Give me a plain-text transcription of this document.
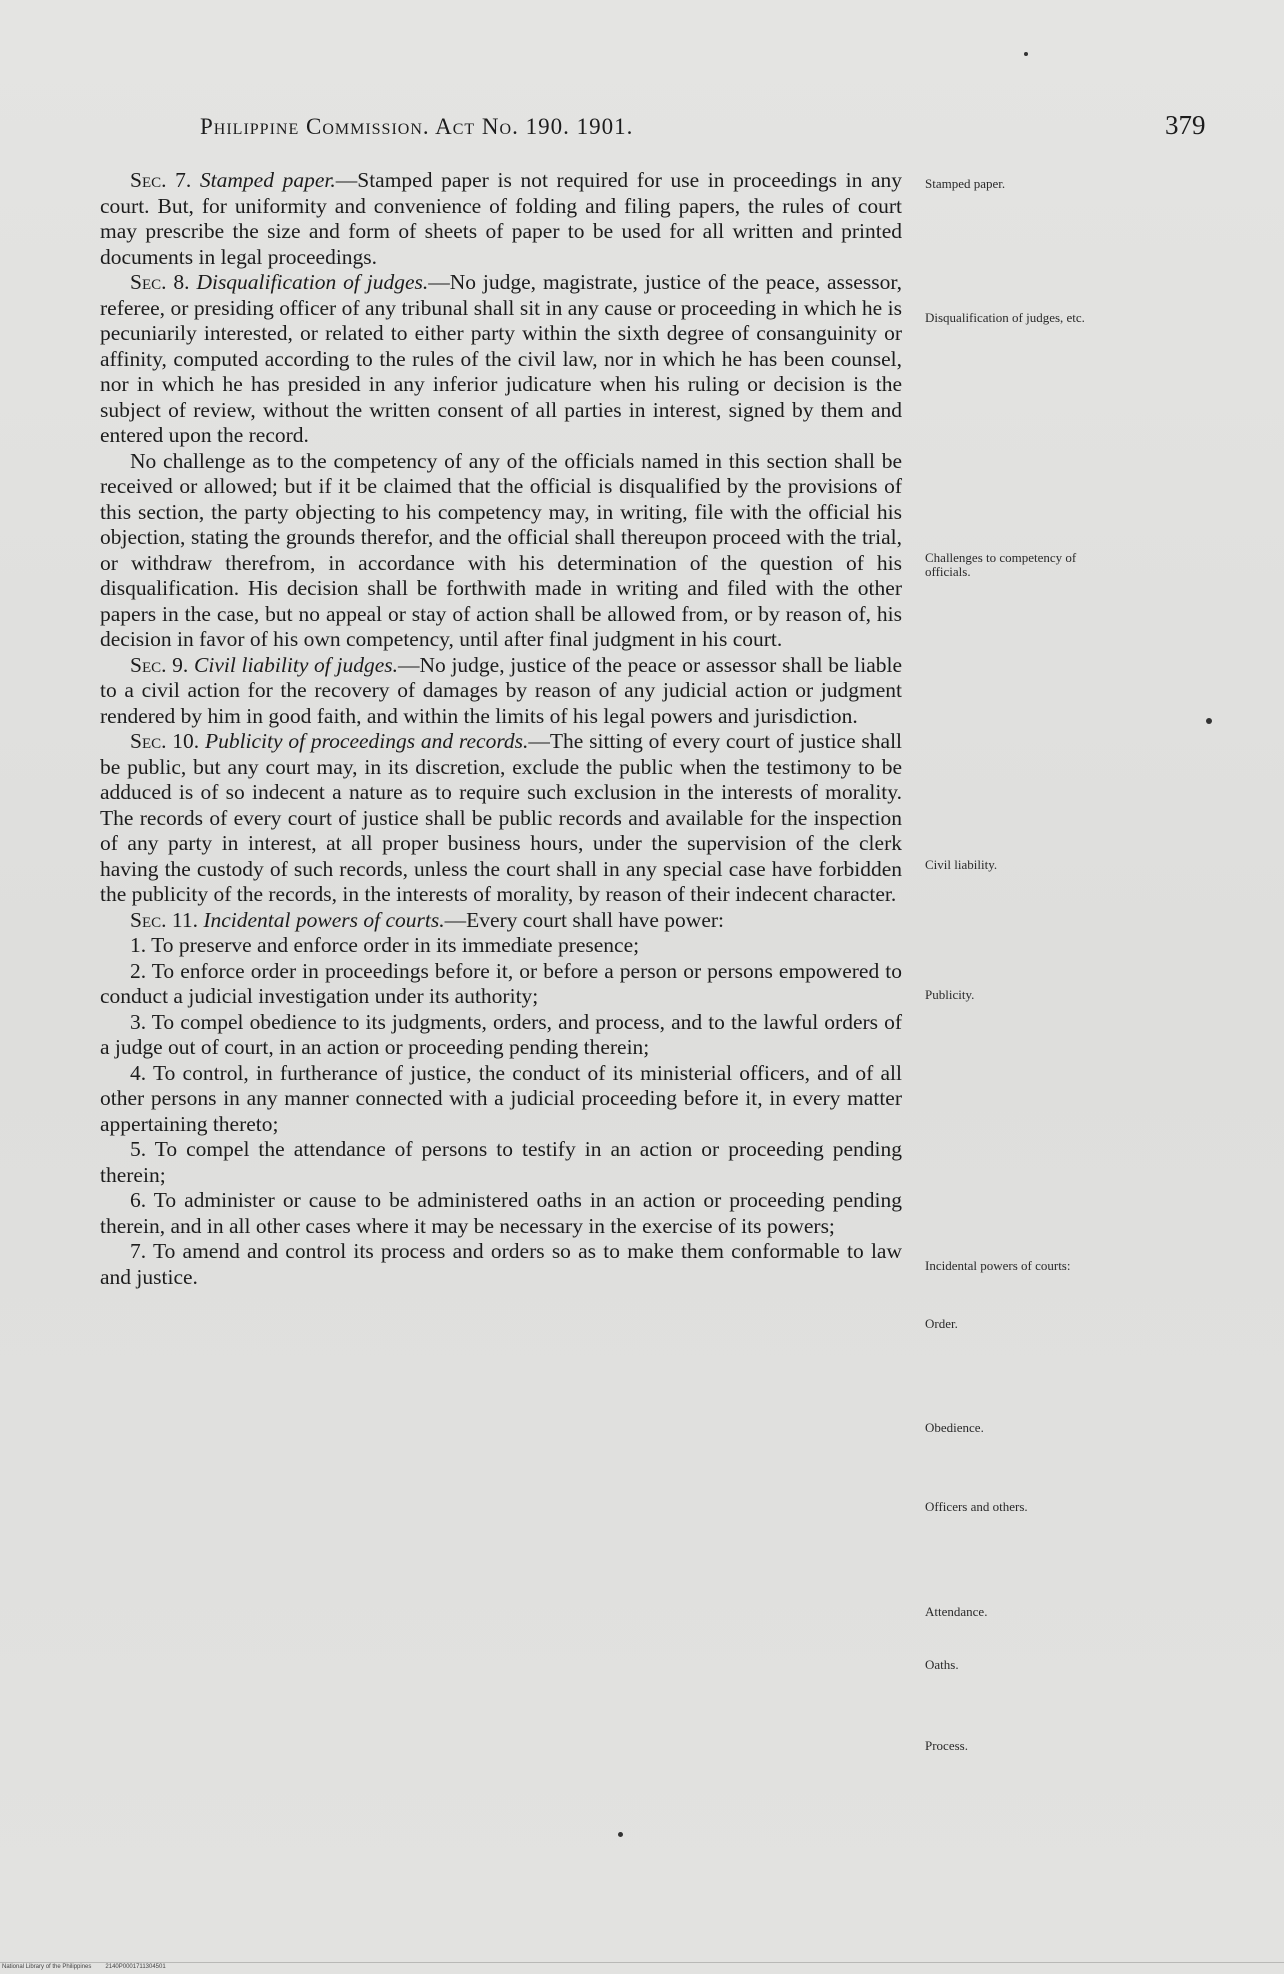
Philippine Commission. Act No. 190. 1901.	379

Sec. 7. Stamped paper.—Stamped paper is not required for use in proceedings in any court. But, for uniformity and convenience of folding and filing papers, the rules of court may prescribe the size and form of sheets of paper to be used for all written and printed documents in legal proceedings.

Sec. 8. Disqualification of judges.—No judge, magistrate, justice of the peace, assessor, referee, or presiding officer of any tribunal shall sit in any cause or proceeding in which he is pecuniarily interested, or related to either party within the sixth degree of consanguinity or affinity, computed according to the rules of the civil law, nor in which he has been counsel, nor in which he has presided in any inferior judicature when his ruling or decision is the subject of review, without the written consent of all parties in interest, signed by them and entered upon the record.

No challenge as to the competency of any of the officials named in this section shall be received or allowed; but if it be claimed that the official is disqualified by the provisions of this section, the party objecting to his competency may, in writing, file with the official his objection, stating the grounds therefor, and the official shall thereupon proceed with the trial, or withdraw therefrom, in accordance with his determination of the question of his disqualification. His decision shall be forthwith made in writing and filed with the other papers in the case, but no appeal or stay of action shall be allowed from, or by reason of, his decision in favor of his own competency, until after final judgment in his court.

Sec. 9. Civil liability of judges.—No judge, justice of the peace or assessor shall be liable to a civil action for the recovery of damages by reason of any judicial action or judgment rendered by him in good faith, and within the limits of his legal powers and jurisdiction.

Sec. 10. Publicity of proceedings and records.—The sitting of every court of justice shall be public, but any court may, in its discretion, exclude the public when the testimony to be adduced is of so indecent a nature as to require such exclusion in the interests of morality. The records of every court of justice shall be public records and available for the inspection of any party in interest, at all proper business hours, under the supervision of the clerk having the custody of such records, unless the court shall in any special case have forbidden the publicity of the records, in the interests of morality, by reason of their indecent character.

Sec. 11. Incidental powers of courts.—Every court shall have power:

1. To preserve and enforce order in its immediate presence;

2. To enforce order in proceedings before it, or before a person or persons empowered to conduct a judicial investigation under its authority;

3. To compel obedience to its judgments, orders, and process, and to the lawful orders of a judge out of court, in an action or proceeding pending therein;

4. To control, in furtherance of justice, the conduct of its ministerial officers, and of all other persons in any manner connected with a judicial proceeding before it, in every matter appertaining thereto;

5. To compel the attendance of persons to testify in an action or proceeding pending therein;

6. To administer or cause to be administered oaths in an action or proceeding pending therein, and in all other cases where it may be necessary in the exercise of its powers;

7. To amend and control its process and orders so as to make them conformable to law and justice.

Stamped paper.
Disqualification of judges, etc.
Challenges to competency of officials.
Civil liability.
Publicity.
Incidental powers of courts:
Order.
Obedience.
Officers and others.
Attendance.
Oaths.
Process.
National Library of the Philippines 2140P0001711304501
